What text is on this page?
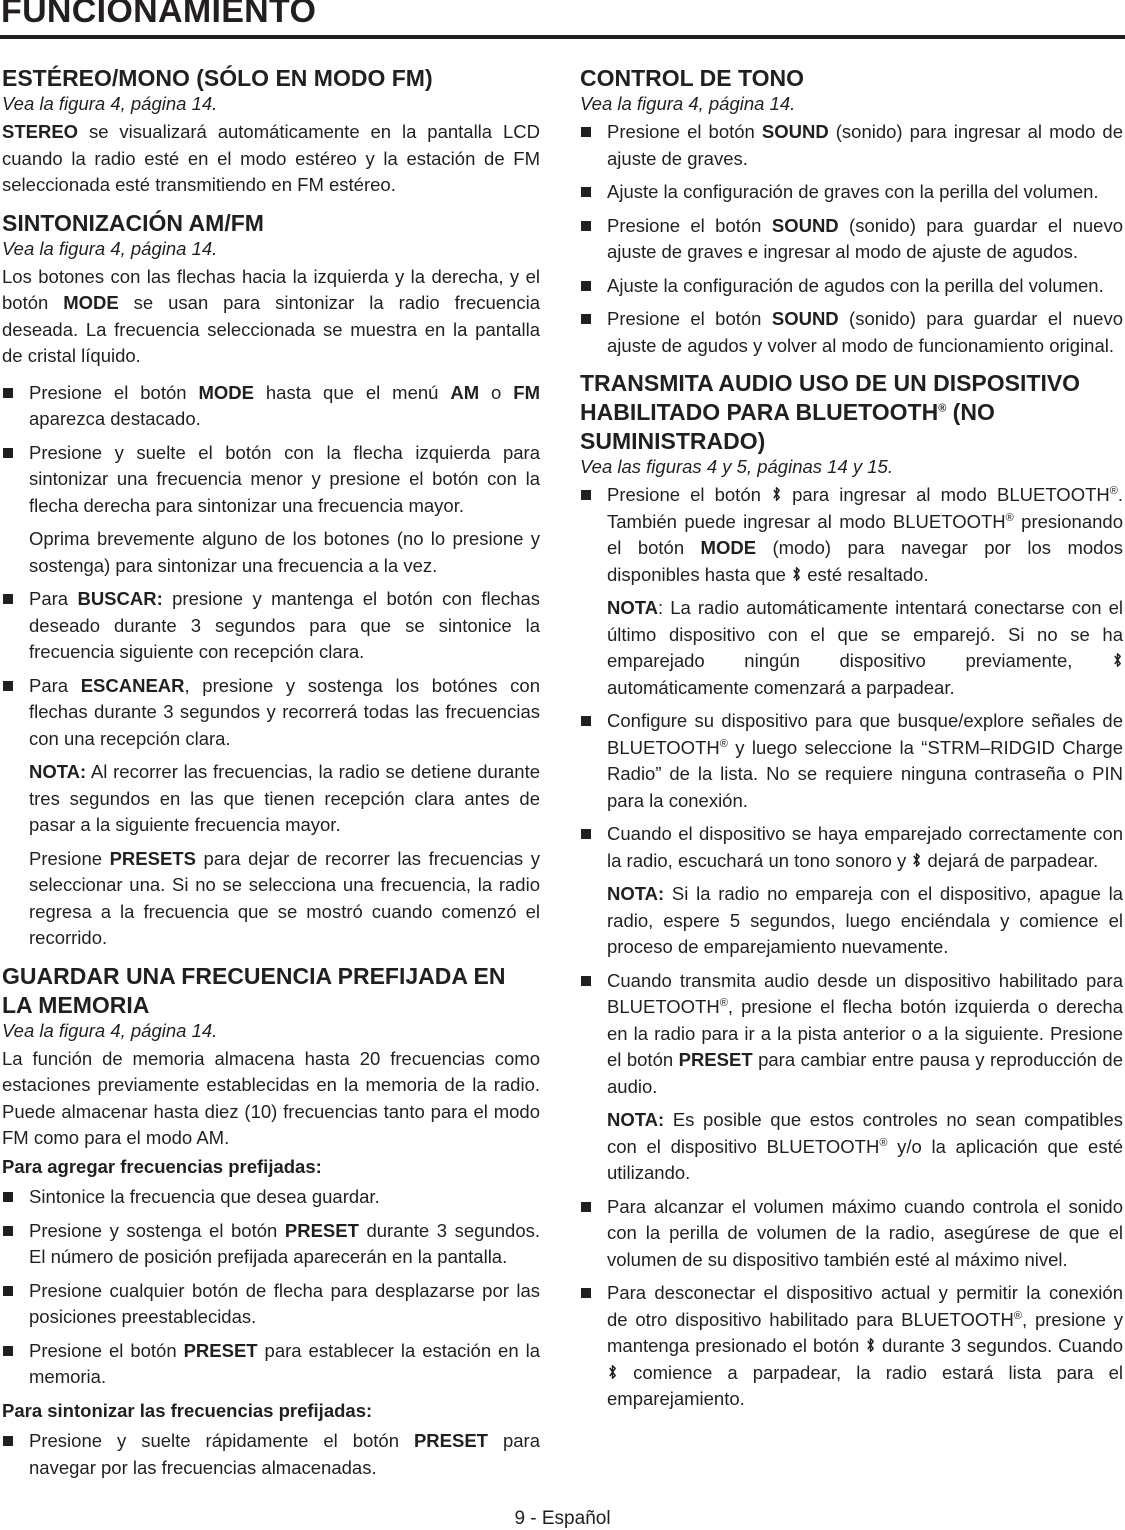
FUNCIONAMIENTO
ESTÉREO/MONO (SÓLO EN MODO FM)
Vea la figura 4, página 14.

STEREO se visualizará automáticamente en la pantalla LCD cuando la radio esté en el modo estéreo y la estación de FM seleccionada esté transmitiendo en FM estéreo.

SINTONIZACIÓN AM/FM
Vea la figura 4, página 14.

Los botones con las flechas hacia la izquierda y la derecha, y el botón MODE se usan para sintonizar la radio frecuencia deseada. La frecuencia seleccionada se muestra en la pantalla de cristal líquido.

Presione el botón MODE hasta que el menú AM o FM aparezca destacado.

Presione y suelte el botón con la flecha izquierda para sintonizar una frecuencia menor y presione el botón con la flecha derecha para sintonizar una frecuencia mayor.

Oprima brevemente alguno de los botones (no lo presione y sostenga) para sintonizar una frecuencia a la vez.

Para BUSCAR: presione y mantenga el botón con flechas deseado durante 3 segundos para que se sintonice la frecuencia siguiente con recepción clara.

Para ESCANEAR, presione y sostenga los botónes con flechas durante 3 segundos y recorrerá todas las frecuencias con una recepción clara.

NOTA: Al recorrer las frecuencias, la radio se detiene durante tres segundos en las que tienen recepción clara antes de pasar a la siguiente frecuencia mayor.

Presione PRESETS para dejar de recorrer las frecuencias y seleccionar una. Si no se selecciona una frecuencia, la radio regresa a la frecuencia que se mostró cuando comenzó el recorrido.

GUARDAR UNA FRECUENCIA PREFIJADA EN LA MEMORIA
Vea la figura 4, página 14.

La función de memoria almacena hasta 20 frecuencias como estaciones previamente establecidas en la memoria de la radio. Puede almacenar hasta diez (10) frecuencias tanto para el modo FM como para el modo AM.

Para agregar frecuencias prefijadas:

Sintonice la frecuencia que desea guardar.

Presione y sostenga el botón PRESET durante 3 segundos. El número de posición prefijada aparecerán en la pantalla.

Presione cualquier botón de flecha para desplazarse por las posiciones preestablecidas.

Presione el botón PRESET para establecer la estación en la memoria.

Para sintonizar las frecuencias prefijadas:

Presione y suelte rápidamente el botón PRESET para navegar por las frecuencias almacenadas.

CONTROL DE TONO
Vea la figura 4, página 14.

Presione el botón SOUND (sonido) para ingresar al modo de ajuste de graves.

Ajuste la configuración de graves con la perilla del volumen.

Presione el botón SOUND (sonido) para guardar el nuevo ajuste de graves e ingresar al modo de ajuste de agudos.

Ajuste la configuración de agudos con la perilla del volumen.

Presione el botón SOUND (sonido) para guardar el nuevo ajuste de agudos y volver al modo de funcionamiento original.

TRANSMITA AUDIO USO DE UN DISPOSITIVO HABILITADO PARA BLUETOOTH® (NO SUMINISTRADO)
Vea las figuras 4 y 5, páginas 14 y 15.

Presione el botón  para ingresar al modo BLUETOOTH®. También puede ingresar al modo BLUETOOTH® presionando el botón MODE (modo) para navegar por los modos disponibles hasta que  esté resaltado.

NOTA: La radio automáticamente intentará conectarse con el último dispositivo con el que se emparejó. Si no se ha emparejado ningún dispositivo previamente,  automáticamente comenzará a parpadear.

Configure su dispositivo para que busque/explore señales de BLUETOOTH® y luego seleccione la “STRM–RIDGID Charge Radio” de la lista. No se requiere ninguna contraseña o PIN para la conexión.

Cuando el dispositivo se haya emparejado correctamente con la radio, escuchará un tono sonoro y  dejará de parpadear.

NOTA: Si la radio no empareja con el dispositivo, apague la radio, espere 5 segundos, luego enciéndala y comience el proceso de emparejamiento nuevamente.

Cuando transmita audio desde un dispositivo habilitado para BLUETOOTH®, presione el flecha botón izquierda o derecha en la radio para ir a la pista anterior o a la siguiente. Presione el botón PRESET para cambiar entre pausa y reproducción de audio.

NOTA: Es posible que estos controles no sean compatibles con el dispositivo BLUETOOTH® y/o la aplicación que esté utilizando.

Para alcanzar el volumen máximo cuando controla el sonido con la perilla de volumen de la radio, asegúrese de que el volumen de su dispositivo también esté al máximo nivel.

Para desconectar el dispositivo actual y permitir la conexión de otro dispositivo habilitado para BLUETOOTH®, presione y mantenga presionado el botón  durante 3 segundos. Cuando  comience a parpadear, la radio estará lista para el emparejamiento.

9 - Español
